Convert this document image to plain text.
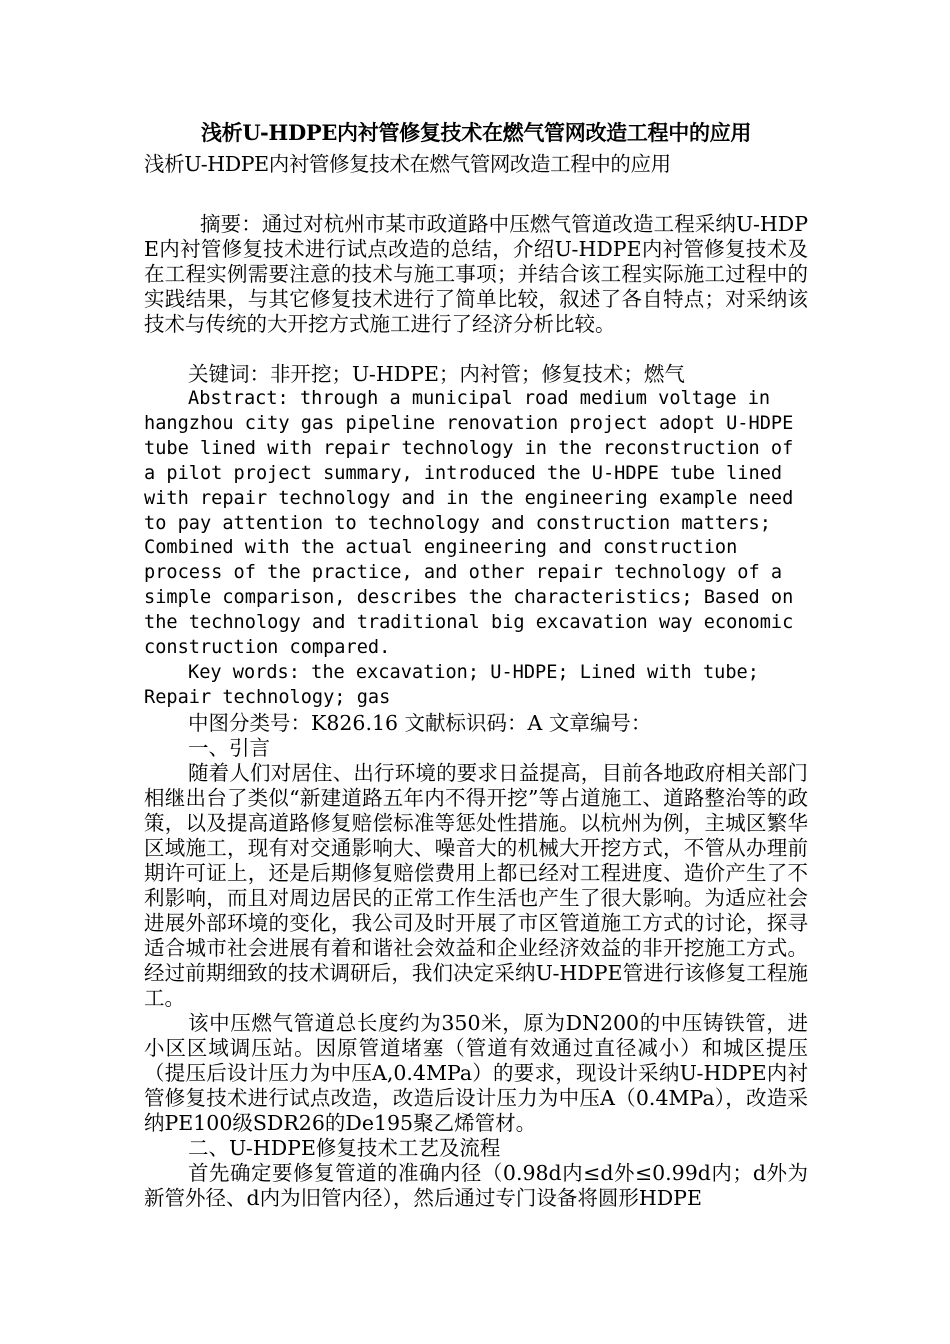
浅析U-HDPE内衬管修复技术在燃气管网改造工程中的应用

浅析U-HDPE内衬管修复技术在燃气管网改造工程中的应用

摘要：通过对杭州市某市政道路中压燃气管道改造工程采纳U-HDPE内衬管修复技术进行试点改造的总结，介绍U-HDPE内衬管修复技术及在工程实例需要注意的技术与施工事项；并结合该工程实际施工过程中的实践结果，与其它修复技术进行了简单比较，叙述了各自特点；对采纳该技术与传统的大开挖方式施工进行了经济分析比较。

关键词：非开挖；U-HDPE；内衬管；修复技术；燃气

Abstract: through a municipal road medium voltage in hangzhou city gas pipeline renovation project adopt U-HDPE tube lined with repair technology in the reconstruction of a pilot project summary, introduced the U-HDPE tube lined with repair technology and in the engineering example need to pay attention to technology and construction matters; Combined with the actual engineering and construction process of the practice, and other repair technology of a simple comparison, describes the characteristics; Based on the technology and traditional big excavation way economic construction compared.

Key words: the excavation; U-HDPE; Lined with tube; Repair technology; gas

中图分类号：K826.16 文献标识码：A 文章编号：

一、引言

随着人们对居住、出行环境的要求日益提高，目前各地政府相关部门相继出台了类似“新建道路五年内不得开挖”等占道施工、道路整治等的政策，以及提高道路修复赔偿标准等惩处性措施。以杭州为例，主城区繁华区域施工，现有对交通影响大、噪音大的机械大开挖方式，不管从办理前期许可证上，还是后期修复赔偿费用上都已经对工程进度、造价产生了不利影响，而且对周边居民的正常工作生活也产生了很大影响。为适应社会进展外部环境的变化，我公司及时开展了市区管道施工方式的讨论，探寻适合城市社会进展有着和谐社会效益和企业经济效益的非开挖施工方式。经过前期细致的技术调研后，我们决定采纳U-HDPE管进行该修复工程施工。

该中压燃气管道总长度约为350米，原为DN200的中压铸铁管，进小区区域调压站。因原管道堵塞（管道有效通过直径减小）和城区提压（提压后设计压力为中压A,0.4MPa）的要求，现设计采纳U-HDPE内衬管修复技术进行试点改造，改造后设计压力为中压A（0.4MPa），改造采纳PE100级SDR26的De195聚乙烯管材。

二、U-HDPE修复技术工艺及流程

首先确定要修复管道的准确内径（0.98d内≤d外≤0.99d内；d外为新管外径、d内为旧管内径），然后通过专门设备将圆形HDPE
